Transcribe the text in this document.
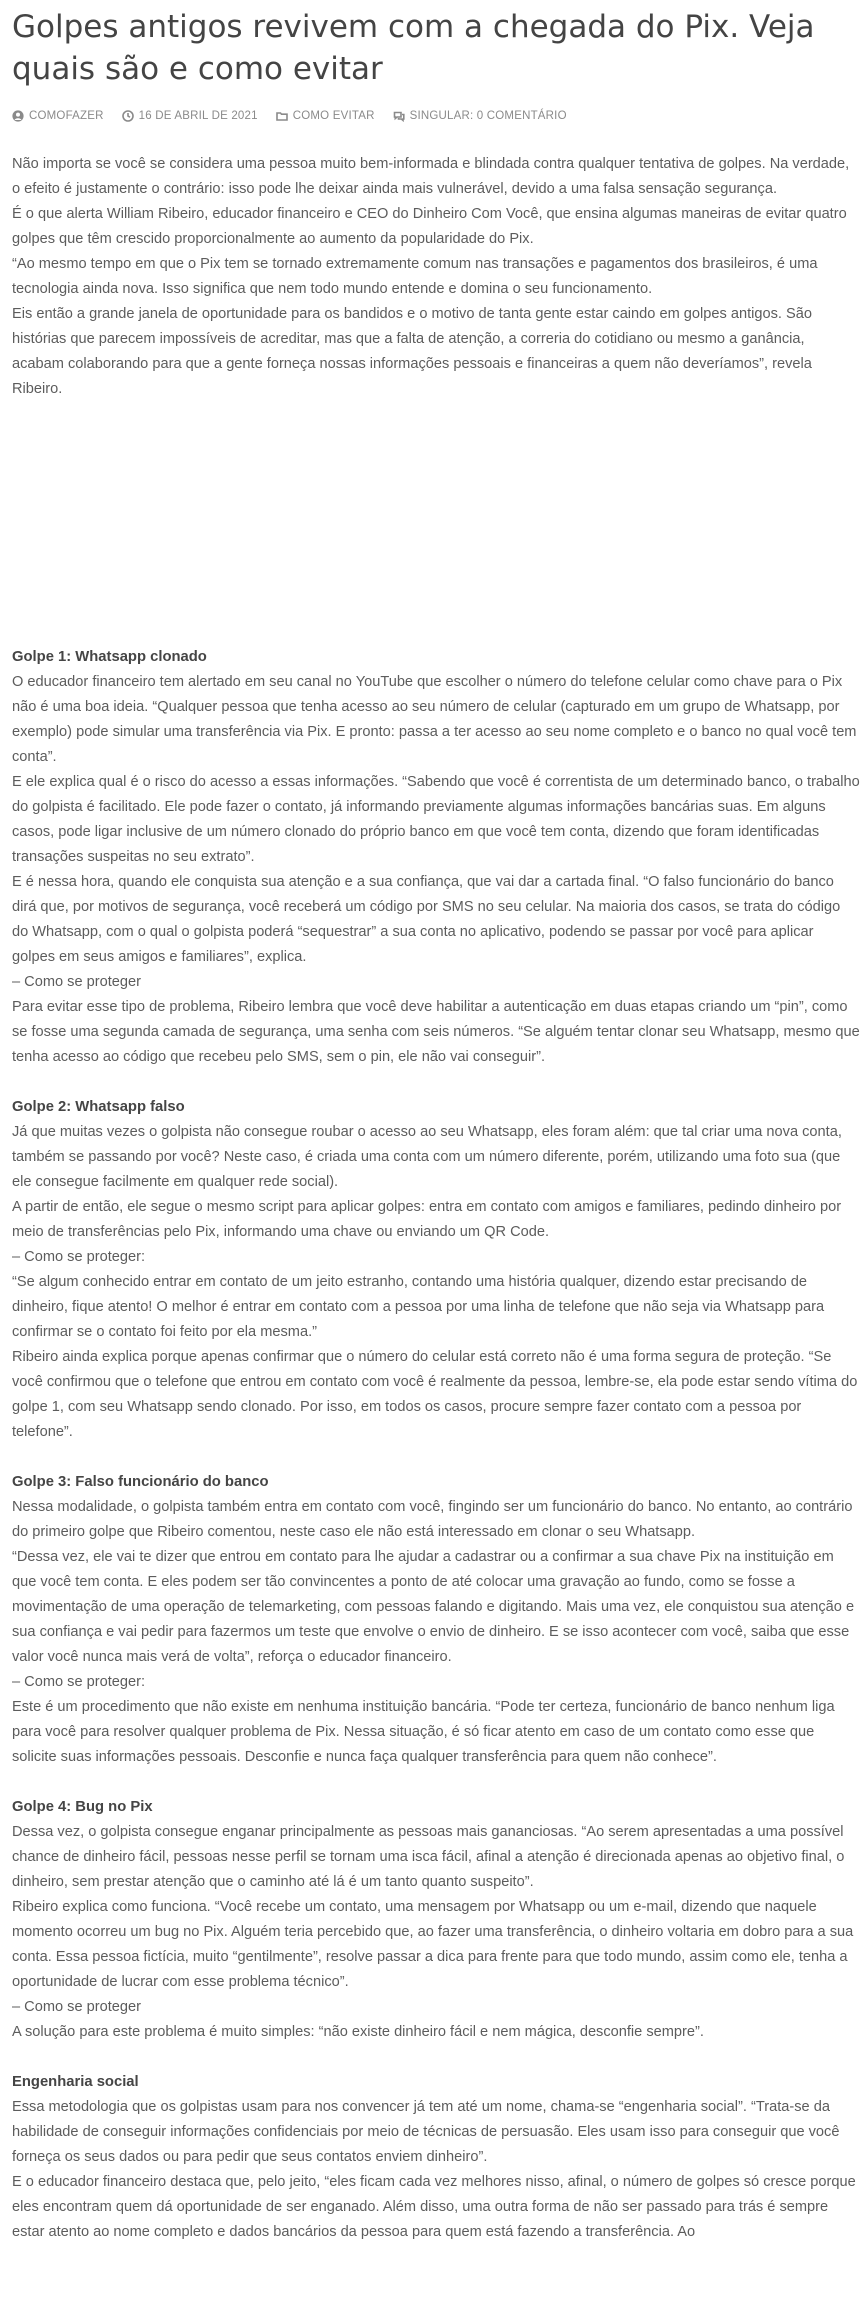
Golpes antigos revivem com a chegada do Pix. Veja quais são e como evitar
COMOFAZER	16 DE ABRIL DE 2021	COMO EVITAR	SINGULAR: 0 COMENTÁRIO

Não importa se você se considera uma pessoa muito bem-informada e blindada contra qualquer tentativa de golpes. Na verdade, o efeito é justamente o contrário: isso pode lhe deixar ainda mais vulnerável, devido a uma falsa sensação segurança.

É o que alerta William Ribeiro, educador financeiro e CEO do Dinheiro Com Você, que ensina algumas maneiras de evitar quatro golpes que têm crescido proporcionalmente ao aumento da popularidade do Pix.

“Ao mesmo tempo em que o Pix tem se tornado extremamente comum nas transações e pagamentos dos brasileiros, é uma tecnologia ainda nova. Isso significa que nem todo mundo entende e domina o seu funcionamento.

Eis então a grande janela de oportunidade para os bandidos e o motivo de tanta gente estar caindo em golpes antigos. São histórias que parecem impossíveis de acreditar, mas que a falta de atenção, a correria do cotidiano ou mesmo a ganância, acabam colaborando para que a gente forneça nossas informações pessoais e financeiras a quem não deveríamos”, revela Ribeiro.

Golpe 1: Whatsapp clonado

O educador financeiro tem alertado em seu canal no YouTube que escolher o número do telefone celular como chave para o Pix não é uma boa ideia. “Qualquer pessoa que tenha acesso ao seu número de celular (capturado em um grupo de Whatsapp, por exemplo) pode simular uma transferência via Pix. E pronto: passa a ter acesso ao seu nome completo e o banco no qual você tem conta”.

E ele explica qual é o risco do acesso a essas informações. “Sabendo que você é correntista de um determinado banco, o trabalho do golpista é facilitado. Ele pode fazer o contato, já informando previamente algumas informações bancárias suas. Em alguns casos, pode ligar inclusive de um número clonado do próprio banco em que você tem conta, dizendo que foram identificadas transações suspeitas no seu extrato”.

E é nessa hora, quando ele conquista sua atenção e a sua confiança, que vai dar a cartada final. “O falso funcionário do banco dirá que, por motivos de segurança, você receberá um código por SMS no seu celular. Na maioria dos casos, se trata do código do Whatsapp, com o qual o golpista poderá “sequestrar” a sua conta no aplicativo, podendo se passar por você para aplicar golpes em seus amigos e familiares”, explica.

– Como se proteger

Para evitar esse tipo de problema, Ribeiro lembra que você deve habilitar a autenticação em duas etapas criando um “pin”, como se fosse uma segunda camada de segurança, uma senha com seis números. “Se alguém tentar clonar seu Whatsapp, mesmo que tenha acesso ao código que recebeu pelo SMS, sem o pin, ele não vai conseguir”.

Golpe 2: Whatsapp falso

Já que muitas vezes o golpista não consegue roubar o acesso ao seu Whatsapp, eles foram além: que tal criar uma nova conta, também se passando por você? Neste caso, é criada uma conta com um número diferente, porém, utilizando uma foto sua (que ele consegue facilmente em qualquer rede social).

A partir de então, ele segue o mesmo script para aplicar golpes: entra em contato com amigos e familiares, pedindo dinheiro por meio de transferências pelo Pix, informando uma chave ou enviando um QR Code.

– Como se proteger:

“Se algum conhecido entrar em contato de um jeito estranho, contando uma história qualquer, dizendo estar precisando de dinheiro, fique atento! O melhor é entrar em contato com a pessoa por uma linha de telefone que não seja via Whatsapp para confirmar se o contato foi feito por ela mesma.”

Ribeiro ainda explica porque apenas confirmar que o número do celular está correto não é uma forma segura de proteção. “Se você confirmou que o telefone que entrou em contato com você é realmente da pessoa, lembre-se, ela pode estar sendo vítima do golpe 1, com seu Whatsapp sendo clonado. Por isso, em todos os casos, procure sempre fazer contato com a pessoa por telefone”.

Golpe 3: Falso funcionário do banco

Nessa modalidade, o golpista também entra em contato com você, fingindo ser um funcionário do banco. No entanto, ao contrário do primeiro golpe que Ribeiro comentou, neste caso ele não está interessado em clonar o seu Whatsapp.

“Dessa vez, ele vai te dizer que entrou em contato para lhe ajudar a cadastrar ou a confirmar a sua chave Pix na instituição em que você tem conta. E eles podem ser tão convincentes a ponto de até colocar uma gravação ao fundo, como se fosse a movimentação de uma operação de telemarketing, com pessoas falando e digitando. Mais uma vez, ele conquistou sua atenção e sua confiança e vai pedir para fazermos um teste que envolve o envio de dinheiro. E se isso acontecer com você, saiba que esse valor você nunca mais verá de volta”, reforça o educador financeiro.

– Como se proteger:

Este é um procedimento que não existe em nenhuma instituição bancária. “Pode ter certeza, funcionário de banco nenhum liga para você para resolver qualquer problema de Pix. Nessa situação, é só ficar atento em caso de um contato como esse que solicite suas informações pessoais. Desconfie e nunca faça qualquer transferência para quem não conhece”.

Golpe 4: Bug no Pix

Dessa vez, o golpista consegue enganar principalmente as pessoas mais gananciosas. “Ao serem apresentadas a uma possível chance de dinheiro fácil, pessoas nesse perfil se tornam uma isca fácil, afinal a atenção é direcionada apenas ao objetivo final, o dinheiro, sem prestar atenção que o caminho até lá é um tanto quanto suspeito”.

Ribeiro explica como funciona. “Você recebe um contato, uma mensagem por Whatsapp ou um e-mail, dizendo que naquele momento ocorreu um bug no Pix. Alguém teria percebido que, ao fazer uma transferência, o dinheiro voltaria em dobro para a sua conta. Essa pessoa fictícia, muito “gentilmente”, resolve passar a dica para frente para que todo mundo, assim como ele, tenha a oportunidade de lucrar com esse problema técnico”.

– Como se proteger

A solução para este problema é muito simples: “não existe dinheiro fácil e nem mágica, desconfie sempre”.

Engenharia social

Essa metodologia que os golpistas usam para nos convencer já tem até um nome, chama-se “engenharia social”. “Trata-se da habilidade de conseguir informações confidenciais por meio de técnicas de persuasão. Eles usam isso para conseguir que você forneça os seus dados ou para pedir que seus contatos enviem dinheiro”.

E o educador financeiro destaca que, pelo jeito, “eles ficam cada vez melhores nisso, afinal, o número de golpes só cresce porque eles encontram quem dá oportunidade de ser enganado. Além disso, uma outra forma de não ser passado para trás é sempre estar atento ao nome completo e dados bancários da pessoa para quem está fazendo a transferência. Ao
